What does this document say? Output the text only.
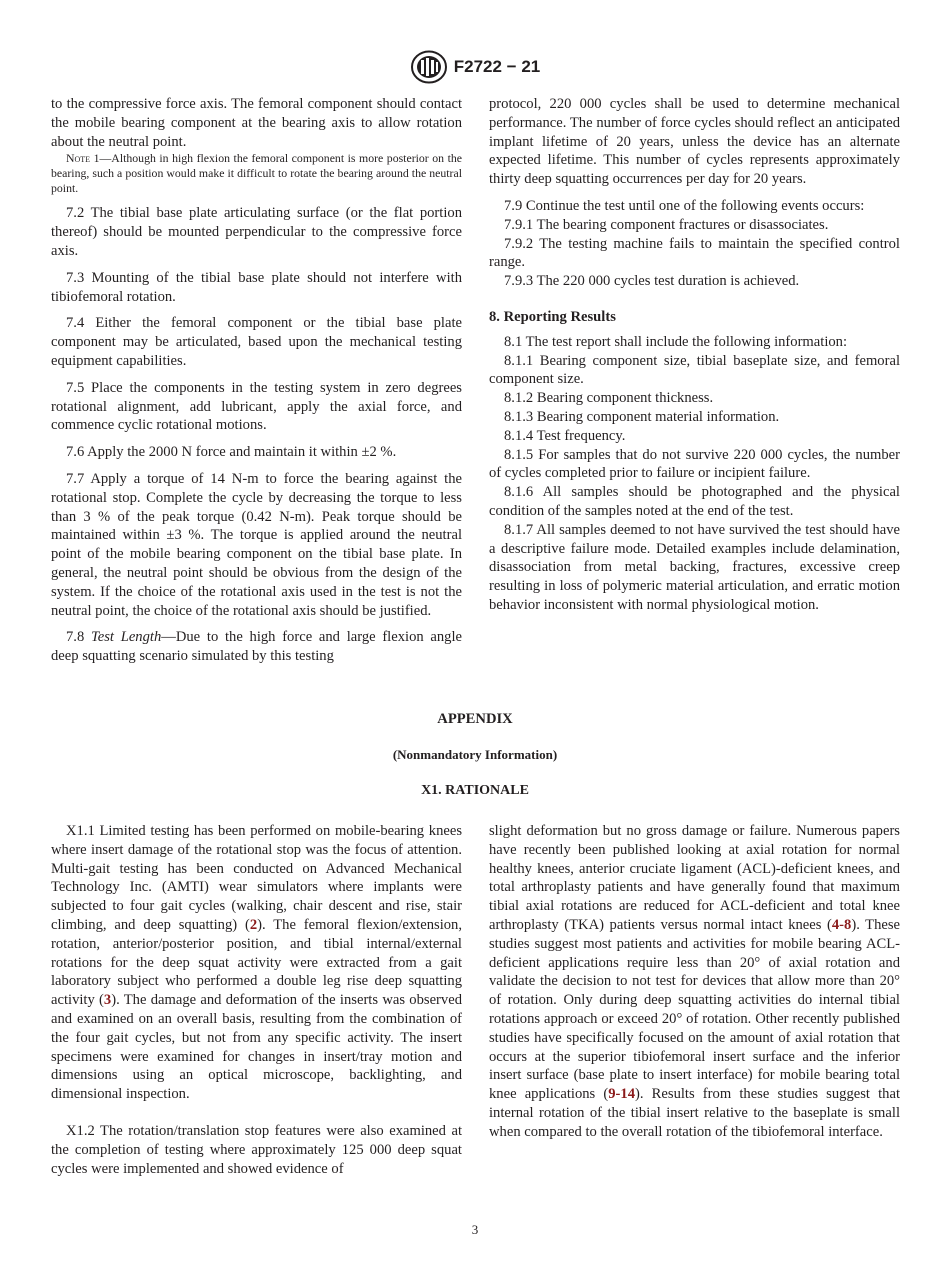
F2722 − 21

to the compressive force axis. The femoral component should contact the mobile bearing component at the bearing axis to allow rotation about the neutral point.

Note 1—Although in high flexion the femoral component is more posterior on the bearing, such a position would make it difficult to rotate the bearing around the neutral point.

7.2 The tibial base plate articulating surface (or the flat portion thereof) should be mounted perpendicular to the compressive force axis.

7.3 Mounting of the tibial base plate should not interfere with tibiofemoral rotation.

7.4 Either the femoral component or the tibial base plate component may be articulated, based upon the mechanical testing equipment capabilities.

7.5 Place the components in the testing system in zero degrees rotational alignment, add lubricant, apply the axial force, and commence cyclic rotational motions.

7.6 Apply the 2000 N force and maintain it within ±2 %.

7.7 Apply a torque of 14 N-m to force the bearing against the rotational stop. Complete the cycle by decreasing the torque to less than 3 % of the peak torque (0.42 N-m). Peak torque should be maintained within ±3 %. The torque is applied around the neutral point of the mobile bearing component on the tibial base plate. In general, the neutral point should be obvious from the design of the system. If the choice of the rotational axis used in the test is not the neutral point, the choice of the rotational axis should be justified.

7.8 Test Length—Due to the high force and large flexion angle deep squatting scenario simulated by this testing

protocol, 220 000 cycles shall be used to determine mechanical performance. The number of force cycles should reflect an anticipated implant lifetime of 20 years, unless the device has an alternate expected lifetime. This number of cycles represents approximately thirty deep squatting occurrences per day for 20 years.

7.9 Continue the test until one of the following events occurs:

7.9.1 The bearing component fractures or disassociates.

7.9.2 The testing machine fails to maintain the specified control range.

7.9.3 The 220 000 cycles test duration is achieved.

8. Reporting Results

8.1 The test report shall include the following information:

8.1.1 Bearing component size, tibial baseplate size, and femoral component size.

8.1.2 Bearing component thickness.

8.1.3 Bearing component material information.

8.1.4 Test frequency.

8.1.5 For samples that do not survive 220 000 cycles, the number of cycles completed prior to failure or incipient failure.

8.1.6 All samples should be photographed and the physical condition of the samples noted at the end of the test.

8.1.7 All samples deemed to not have survived the test should have a descriptive failure mode. Detailed examples include delamination, disassociation from metal backing, fractures, excessive creep resulting in loss of polymeric material articulation, and erratic motion behavior inconsistent with normal physiological motion.

APPENDIX
(Nonmandatory Information)
X1. RATIONALE

X1.1 Limited testing has been performed on mobile-bearing knees where insert damage of the rotational stop was the focus of attention. Multi-gait testing has been conducted on Advanced Mechanical Technology Inc. (AMTI) wear simulators where implants were subjected to four gait cycles (walking, chair descent and rise, stair climbing, and deep squatting) (2). The femoral flexion/extension, rotation, anterior/posterior position, and tibial internal/external rotations for the deep squat activity were extracted from a gait laboratory subject who performed a double leg rise deep squatting activity (3). The damage and deformation of the inserts was observed and examined on an overall basis, resulting from the combination of the four gait cycles, but not from any specific activity. The insert specimens were examined for changes in insert/tray motion and dimensions using an optical microscope, backlighting, and dimensional inspection.

X1.2 The rotation/translation stop features were also examined at the completion of testing where approximately 125 000 deep squat cycles were implemented and showed evidence of

slight deformation but no gross damage or failure. Numerous papers have recently been published looking at axial rotation for normal healthy knees, anterior cruciate ligament (ACL)-deficient knees, and total arthroplasty patients and have generally found that maximum tibial axial rotations are reduced for ACL-deficient and total knee arthroplasty (TKA) patients versus normal intact knees (4-8). These studies suggest most patients and activities for mobile bearing ACL-deficient applications require less than 20° of axial rotation and validate the decision to not test for devices that allow more than 20° of rotation. Only during deep squatting activities do internal tibial rotations approach or exceed 20° of rotation. Other recently published studies have specifically focused on the amount of axial rotation that occurs at the superior tibiofemoral insert surface and the inferior insert surface (base plate to insert interface) for mobile bearing total knee applications (9-14). Results from these studies suggest that internal rotation of the tibial insert relative to the baseplate is small when compared to the overall rotation of the tibiofemoral interface.

3
